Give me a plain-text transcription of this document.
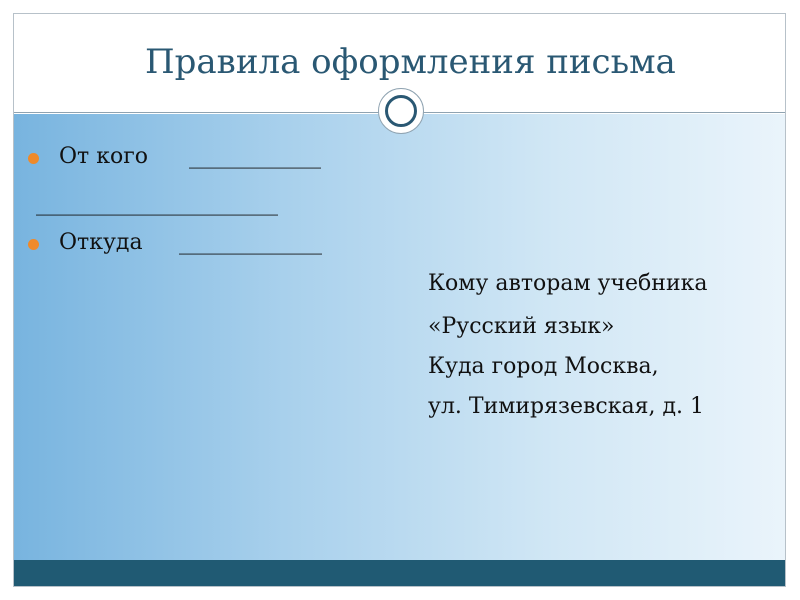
Правила оформления письма
От кого ____________
______________________
Откуда _____________
Кому авторам учебника
«Русский язык»
Куда город Москва,
ул. Тимирязевская, д. 1
